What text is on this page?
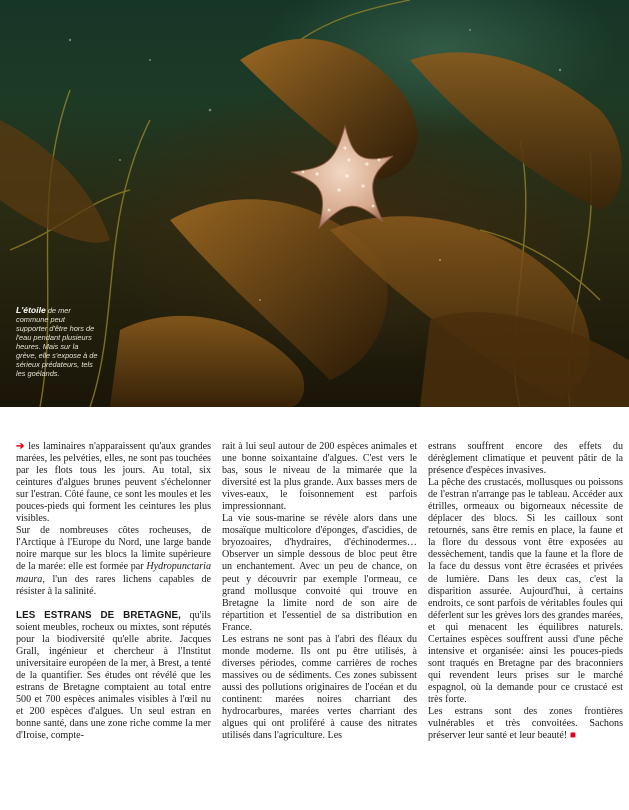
L'étoile de mer commune peut supporter d'être hors de l'eau pendant plusieurs heures. Mais sur la grève, elle s'expose à de sérieux prédateurs, tels les goélands.

➔ les laminaires n'apparaissent qu'aux grandes marées, les pelvéties, elles, ne sont pas touchées par les flots tous les jours. Au total, six ceintures d'algues brunes peuvent s'échelonner sur l'estran. Côté faune, ce sont les moules et les pouces-pieds qui forment les ceintures les plus visibles.

Sur de nombreuses côtes rocheuses, de l'Arctique à l'Europe du Nord, une large bande noire marque sur les blocs la limite supérieure de la marée: elle est formée par Hydropunctaria maura, l'un des rares lichens capables de résister à la salinité.

LES ESTRANS DE BRETAGNE, qu'ils soient meubles, rocheux ou mixtes, sont réputés pour la biodiversité qu'elle abrite. Jacques Grall, ingénieur et chercheur à l'Institut universitaire européen de la mer, à Brest, a tenté de la quantifier. Ses études ont révélé que les estrans de Bretagne comptaient au total entre 500 et 700 espèces animales visibles à l'œil nu et 200 espèces d'algues. Un seul estran en bonne santé, dans une zone riche comme la mer d'Iroise, compte-

rait à lui seul autour de 200 espèces animales et une bonne soixantaine d'algues. C'est vers le bas, sous le niveau de la mimarée que la diversité est la plus grande. Aux basses mers de vives-eaux, le foisonnement est parfois impressionnant.

La vie sous-marine se révèle alors dans une mosaïque multicolore d'éponges, d'ascidies, de bryozoaires, d'hydraires, d'échinodermes… Observer un simple dessous de bloc peut être un enchantement. Avec un peu de chance, on peut y découvrir par exemple l'ormeau, ce grand mollusque convoité qui trouve en Bretagne la limite nord de son aire de répartition et l'essentiel de sa distribution en France.

Les estrans ne sont pas à l'abri des fléaux du monde moderne. Ils ont pu être utilisés, à diverses périodes, comme carrières de roches massives ou de sédiments. Ces zones subissent aussi des pollutions originaires de l'océan et du continent: marées noires charriant des hydrocarbures, marées vertes charriant des algues qui ont proliféré à cause des nitrates utilisés dans l'agriculture. Les

estrans souffrent encore des effets du dérèglement climatique et peuvent pâtir de la présence d'espèces invasives.

La pêche des crustacés, mollusques ou poissons de l'estran n'arrange pas le tableau. Accéder aux étrilles, ormeaux ou bigorneaux nécessite de déplacer des blocs. Si les cailloux sont retournés, sans être remis en place, la faune et la flore du dessous vont être exposées au dessèchement, tandis que la faune et la flore de la face du dessus vont être écrasées et privées de lumière. Dans les deux cas, c'est la disparition assurée. Aujourd'hui, à certains endroits, ce sont parfois de véritables foules qui déferlent sur les grèves lors des grandes marées, et qui menacent les équilibres naturels. Certaines espèces souffrent aussi d'une pêche intensive et organisée: ainsi les pouces-pieds sont traqués en Bretagne par des braconniers qui revendent leurs prises sur le marché espagnol, où la demande pour ce crustacé est très forte.

Les estrans sont des zones frontières vulnérables et très convoitées. Sachons préserver leur santé et leur beauté! ■
